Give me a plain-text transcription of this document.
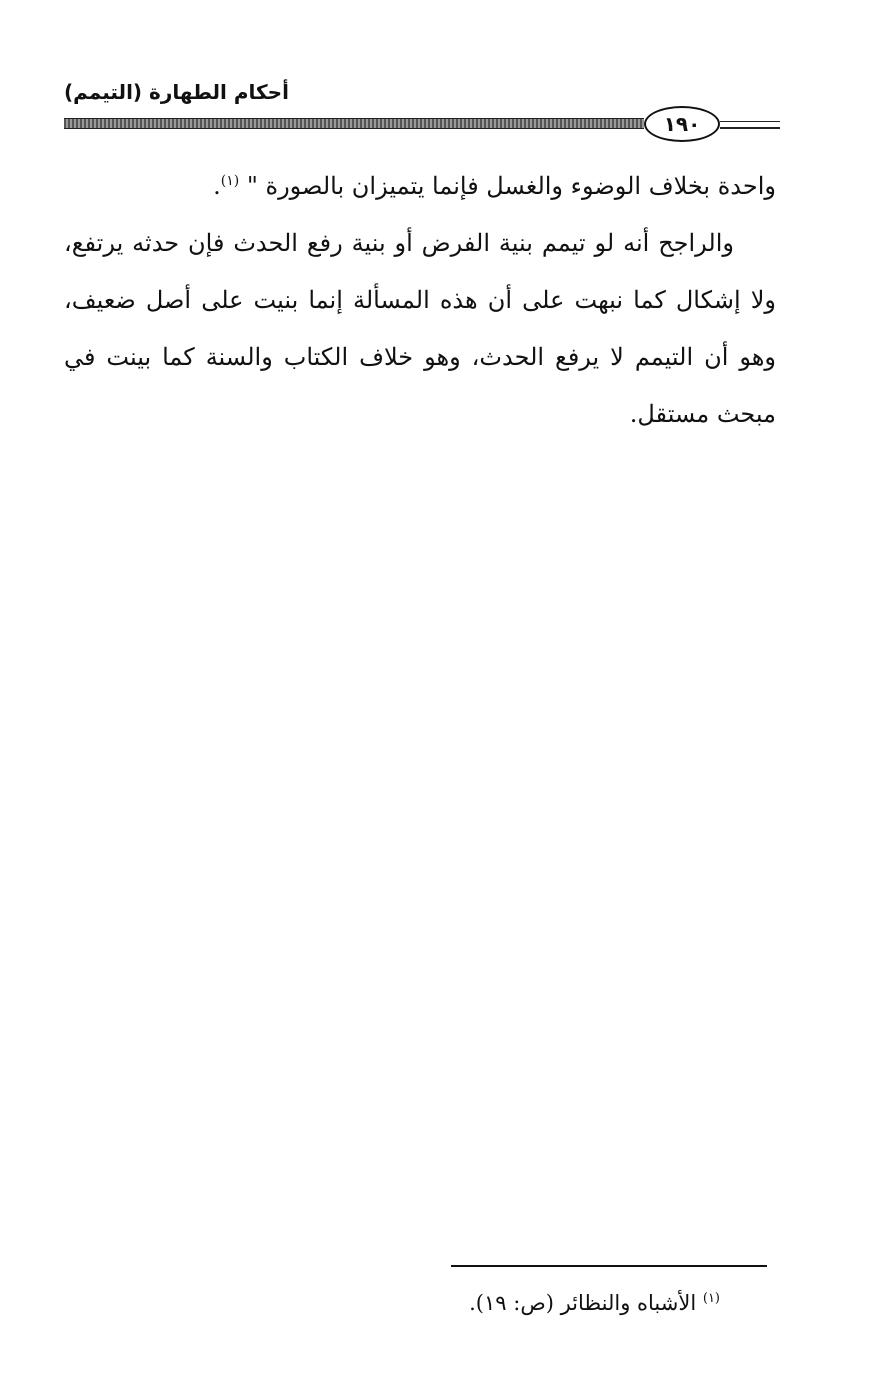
أحكام الطهارة (التيمم)
١٩٠

واحدة بخلاف الوضوء والغسل فإنما يتميزان بالصورة " $^{(١)}$.

والراجح أنه لو تيمم بنية الفرض أو بنية رفع الحدث فإن حدثه يرتفع، ولا إشكال كما نبهت على أن هذه المسألة إنما بنيت على أصل ضعيف، وهو أن التيمم لا يرفع الحدث، وهو خلاف الكتاب والسنة كما بينت في مبحث مستقل.

$^{(١)}$ الأشباه والنظائر (ص: ١٩).
